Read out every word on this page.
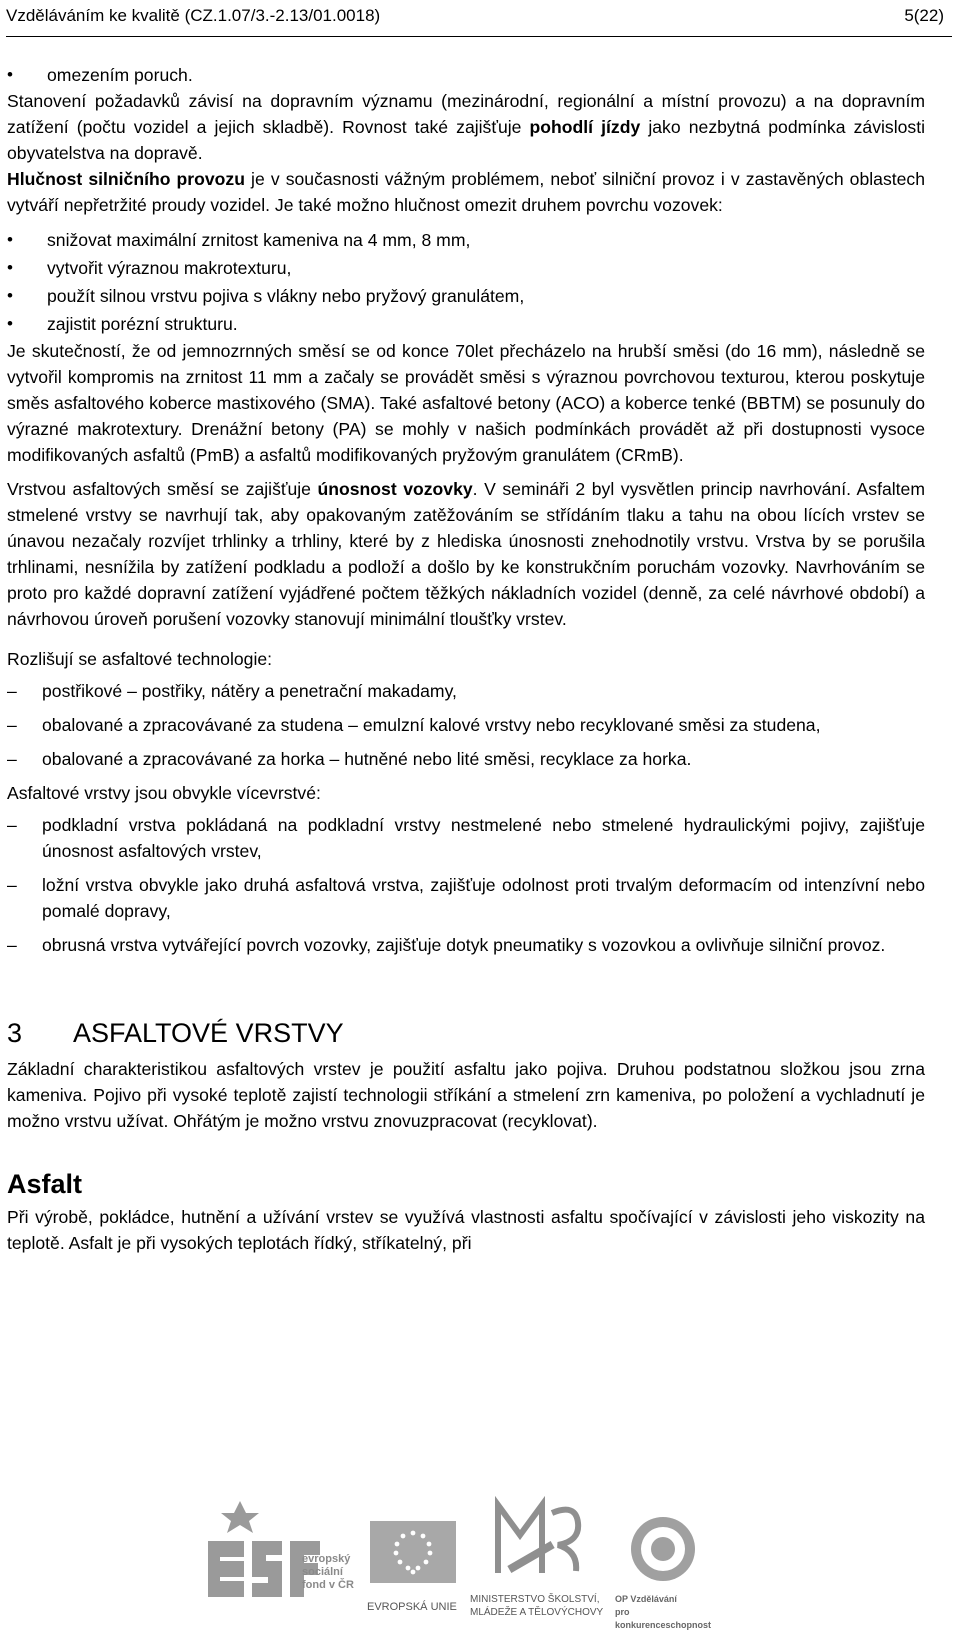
Vzděláváním ke kvalitě (CZ.1.07/3.-2.13/01.0018)	5(22)
• omezením poruch.

Stanovení požadavků závisí na dopravním významu (mezinárodní, regionální a místní provozu) a na dopravním zatížení (počtu vozidel a jejich skladbě). Rovnost také zajišťuje pohodlí jízdy jako nezbytná podmínka závislosti obyvatelstva na dopravě.

Hlučnost silničního provozu je v současnosti vážným problémem, neboť silniční provoz i v zastavěných oblastech vytváří nepřetržité proudy vozidel. Je také možno hlučnost omezit druhem povrchu vozovek:

• snižovat maximální zrnitost kameniva na 4 mm, 8 mm,
• vytvořit výraznou makrotexturu,
• použít silnou vrstvu pojiva s vlákny nebo pryžový granulátem,
• zajistit porézní strukturu.

Je skutečností, že od jemnozrnných směsí se od konce 70let přecházelo na hrubší směsi (do 16 mm), následně se vytvořil kompromis na zrnitost 11 mm a začaly se provádět směsi s výraznou povrchovou texturou, kterou poskytuje směs asfaltového koberce mastixového (SMA). Také asfaltové betony (ACO) a koberce tenké (BBTM) se posunuly do výrazné makrotextury. Drenážní betony (PA) se mohly v našich podmínkách provádět až při dostupnosti vysoce modifikovaných asfaltů (PmB) a asfaltů modifikovaných pryžovým granulátem (CRmB).

Vrstvou asfaltových směsí se zajišťuje únosnost vozovky. V semináři 2 byl vysvětlen princip navrhování. Asfaltem stmelené vrstvy se navrhují tak, aby opakovaným zatěžováním se střídáním tlaku a tahu na obou lících vrstev se únavou nezačaly rozvíjet trhlinky a trhliny, které by z hlediska únosnosti znehodnotily vrstvu. Vrstva by se porušila trhlinami, nesnížila by zatížení podkladu a podloží a došlo by ke konstrukčním poruchám vozovky. Navrhováním se proto pro každé dopravní zatížení vyjádřené počtem těžkých nákladních vozidel (denně, za celé návrhové období) a návrhovou úroveň porušení vozovky stanovují minimální tloušťky vrstev.

Rozlišují se asfaltové technologie:

– postřikové – postřiky, nátěry a penetrační makadamy,
– obalované a zpracovávané za studena – emulzní kalové vrstvy nebo recyklované směsi za studena,
– obalované a zpracovávané za horka – hutněné nebo lité směsi, recyklace za horka.

Asfaltové vrstvy jsou obvykle vícevrstvé:

– podkladní vrstva pokládaná na podkladní vrstvy nestmelené nebo stmelené hydraulickými pojivy, zajišťuje únosnost asfaltových vrstev,
– ložní vrstva obvykle jako druhá asfaltová vrstva, zajišťuje odolnost proti trvalým deformacím od intenzívní nebo pomalé dopravy,
– obrusná vrstva vytvářející povrch vozovky, zajišťuje dotyk pneumatiky s vozovkou a ovlivňuje silniční provoz.
3 ASFALTOVÉ VRSTVY

Základní charakteristikou asfaltových vrstev je použití asfaltu jako pojiva. Druhou podstatnou složkou jsou zrna kameniva. Pojivo při vysoké teplotě zajistí technologii stříkání a stmelení zrn kameniva, po položení a vychladnutí je možno vrstvu užívat. Ohřátým je možno vrstvu znovuzpracovat (recyklovat).

Asfalt

Při výrobě, pokládce, hutnění a užívání vrstev se využívá vlastnosti asfaltu spočívající v závislosti jeho viskozity na teplotě. Asfalt je při vysokých teplotách řídký, stříkatelný, při

evropský
sociální
fond v ČR
EVROPSKÁ UNIE
MINISTERSTVO ŠKOLSTVÍ,
MLÁDEŽE A TĚLOVÝCHOVY
OP Vzdělávání
pro konkurenceschopnost
